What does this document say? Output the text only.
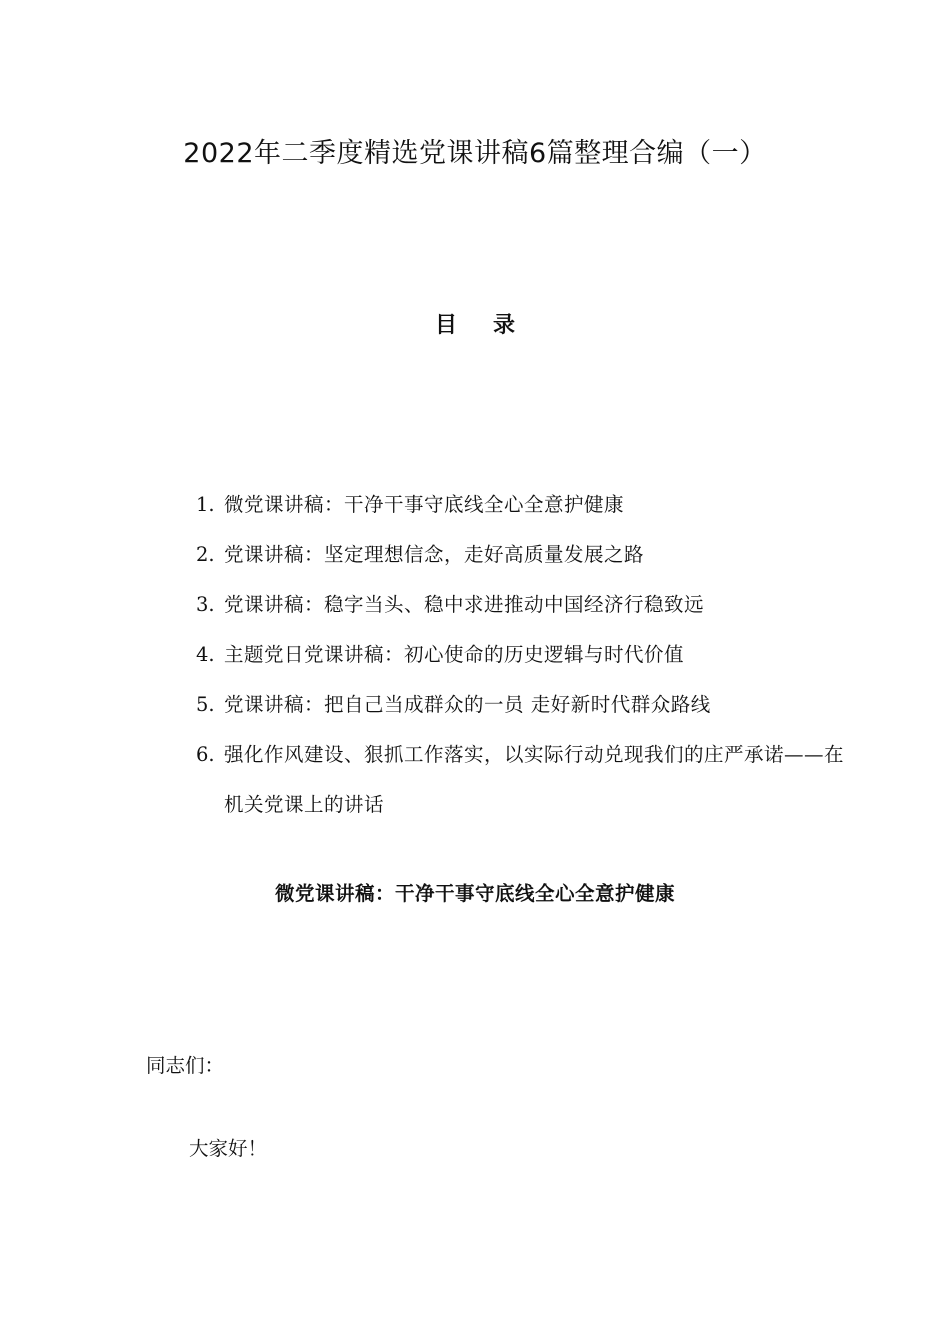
2022年二季度精选党课讲稿6篇整理合编（一）
目录
1. 微党课讲稿：干净干事守底线全心全意护健康
2. 党课讲稿：坚定理想信念，走好高质量发展之路
3. 党课讲稿：稳字当头、稳中求进推动中国经济行稳致远
4. 主题党日党课讲稿：初心使命的历史逻辑与时代价值
5. 党课讲稿：把自己当成群众的一员 走好新时代群众路线
6. 强化作风建设、狠抓工作落实，以实际行动兑现我们的庄严承诺——在机关党课上的讲话
微党课讲稿：干净干事守底线全心全意护健康
同志们：
大家好！
